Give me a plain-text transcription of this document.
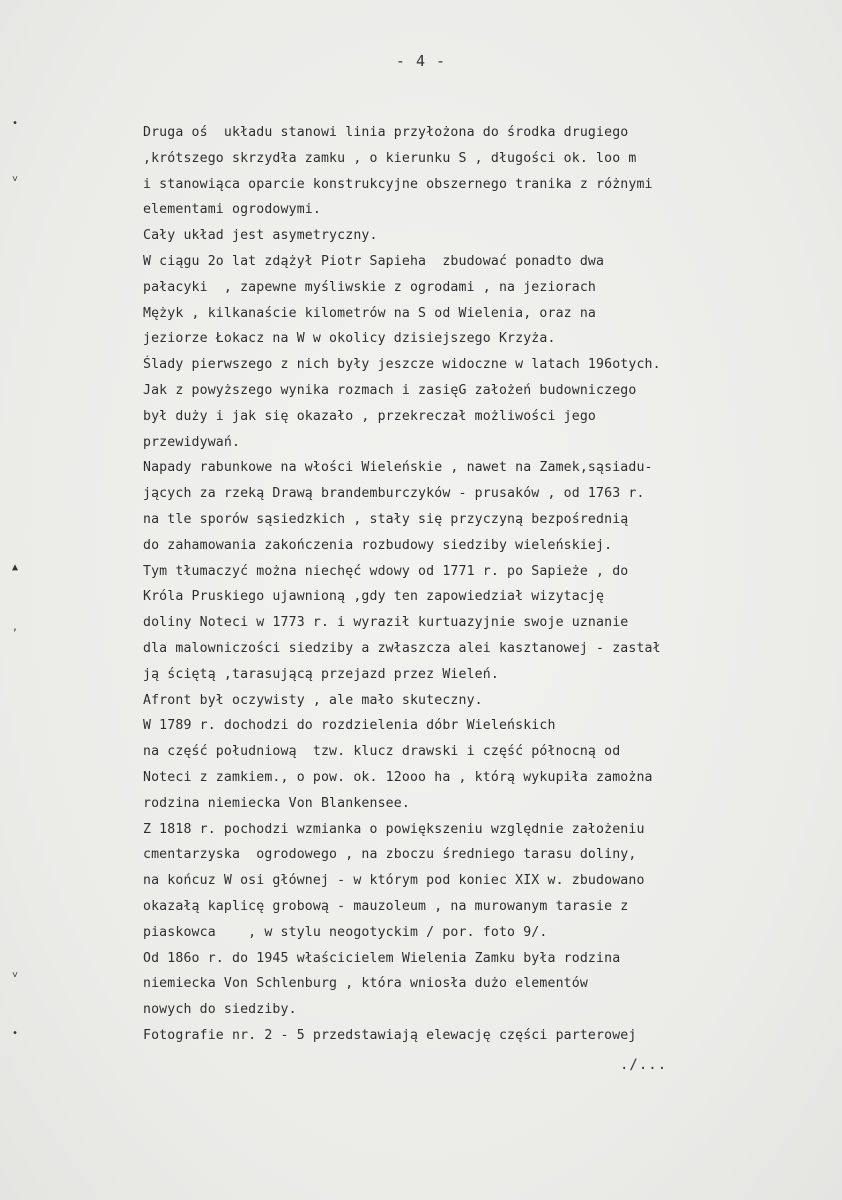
- 4 -
•
˅
▲
‚
˅
•
Druga oś  układu stanowi linia przyłożona do środka drugiego
,krótszego skrzydła zamku , o kierunku S , długości ok. loo m
i stanowiąca oparcie konstrukcyjne obszernego tranika z różnymi
elementami ogrodowymi.
Cały układ jest asymetryczny.
W ciągu 2o lat zdążył Piotr Sapieha  zbudować ponadto dwa
pałacyki  , zapewne myśliwskie z ogrodami , na jeziorach
Mężyk , kilkanaście kilometrów na S od Wielenia, oraz na
jeziorze Łokacz na W w okolicy dzisiejszego Krzyża.
Ślady pierwszego z nich były jeszcze widoczne w latach 196otych.
Jak z powyższego wynika rozmach i zasięG założeń budowniczego
był duży i jak się okazało , przekreczał możliwości jego
przewidywań.
Napady rabunkowe na włości Wieleńskie , nawet na Zamek,sąsiadu-
jących za rzeką Drawą brandemburczyków - prusaków , od 1763 r.
na tle sporów sąsiedzkich , stały się przyczyną bezpośrednią
do zahamowania zakończenia rozbudowy siedziby wieleńskiej.
Tym tłumaczyć można niechęć wdowy od 1771 r. po Sapieże , do
Króla Pruskiego ujawnioną ,gdy ten zapowiedział wizytację
doliny Noteci w 1773 r. i wyraził kurtuazyjnie swoje uznanie
dla malowniczości siedziby a zwłaszcza alei kasztanowej - zastał
ją ściętą ,tarasującą przejazd przez Wieleń.
Afront był oczywisty , ale mało skuteczny.
W 1789 r. dochodzi do rozdzielenia dóbr Wieleńskich
na część południową  tzw. klucz drawski i część północną od
Noteci z zamkiem., o pow. ok. 12ooo ha , którą wykupiła zamożna
rodzina niemiecka Von Blankensee.
Z 1818 r. pochodzi wzmianka o powiększeniu względnie założeniu
cmentarzyska  ogrodowego , na zboczu średniego tarasu doliny,
na końcuz W osi głównej - w którym pod koniec XIX w. zbudowano
okazałą kaplicę grobową - mauzoleum , na murowanym tarasie z
piaskowca    , w stylu neogotyckim / por. foto 9/.
Od 186o r. do 1945 właścicielem Wielenia Zamku była rodzina
niemiecka Von Schlenburg , która wniosła dużo elementów
nowych do siedziby.
Fotografie nr. 2 - 5 przedstawiają elewację części parterowej
./...
